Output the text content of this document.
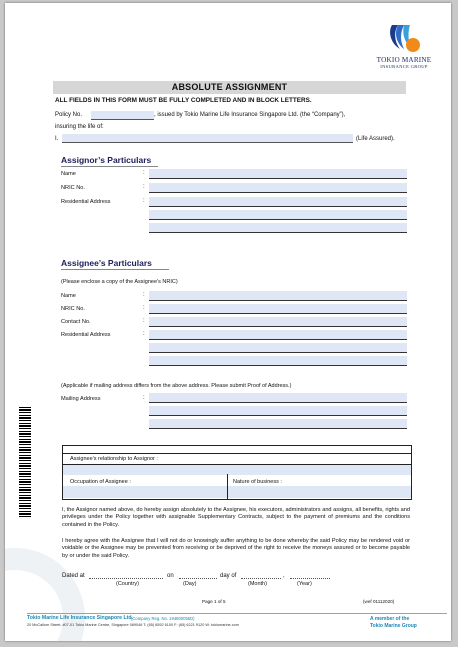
TOKIO MARINE
INSURANCE GROUP
ABSOLUTE ASSIGNMENT
ALL FIELDS IN THIS FORM MUST BE FULLY COMPLETED AND IN BLOCK LETTERS.
Policy No.	, issued by Tokio Marine Life Insurance Singapore Ltd. (the “Company”),
insuring the life of:
I.	(Life Assured).
Assignor’s Particulars
Name	:
NRIC No.	:
Residential Address	:
Assignee’s Particulars
(Please enclose a copy of the Assignee’s NRIC)
Name	:
NRIC No.	:
Contact No.	:
Residential Address	:
(Applicable if mailing address differs from the above address. Please submit Proof of Address.)
Mailing Address	:
Assignee’s relationship to Assignor :
Occupation of Assignee :	Nature of business :
I, the Assignor named above, do hereby assign absolutely to the Assignee, his executors, administrators and assigns, all benefits, rights and privileges under the Policy together with assignable Supplementary Contracts, subject to the payment of premiums and the conditions contained in the Policy.
I hereby agree with the Assignee that I will not do or knowingly suffer anything to be done whereby the said Policy may be rendered void or voidable or the Assignee may be prevented from receiving or be deprived of the right to receive the moneys assured or to become payable by or under the said Policy.
Dated at	on	day of	,
(Country)	(Day)	(Month)	(Year)
Page 1 of 5	(wef 01112020)
Tokio Marine Life Insurance Singapore Ltd.
(Company Reg. No. 194800055D)
20 McCallum Street, #07-01 Tokio Marine Centre, Singapore 069046 T: (65) 6592 6100 F: (65) 6221 9120 W: tokiomarine.com
A member of the
Tokio Marine Group
